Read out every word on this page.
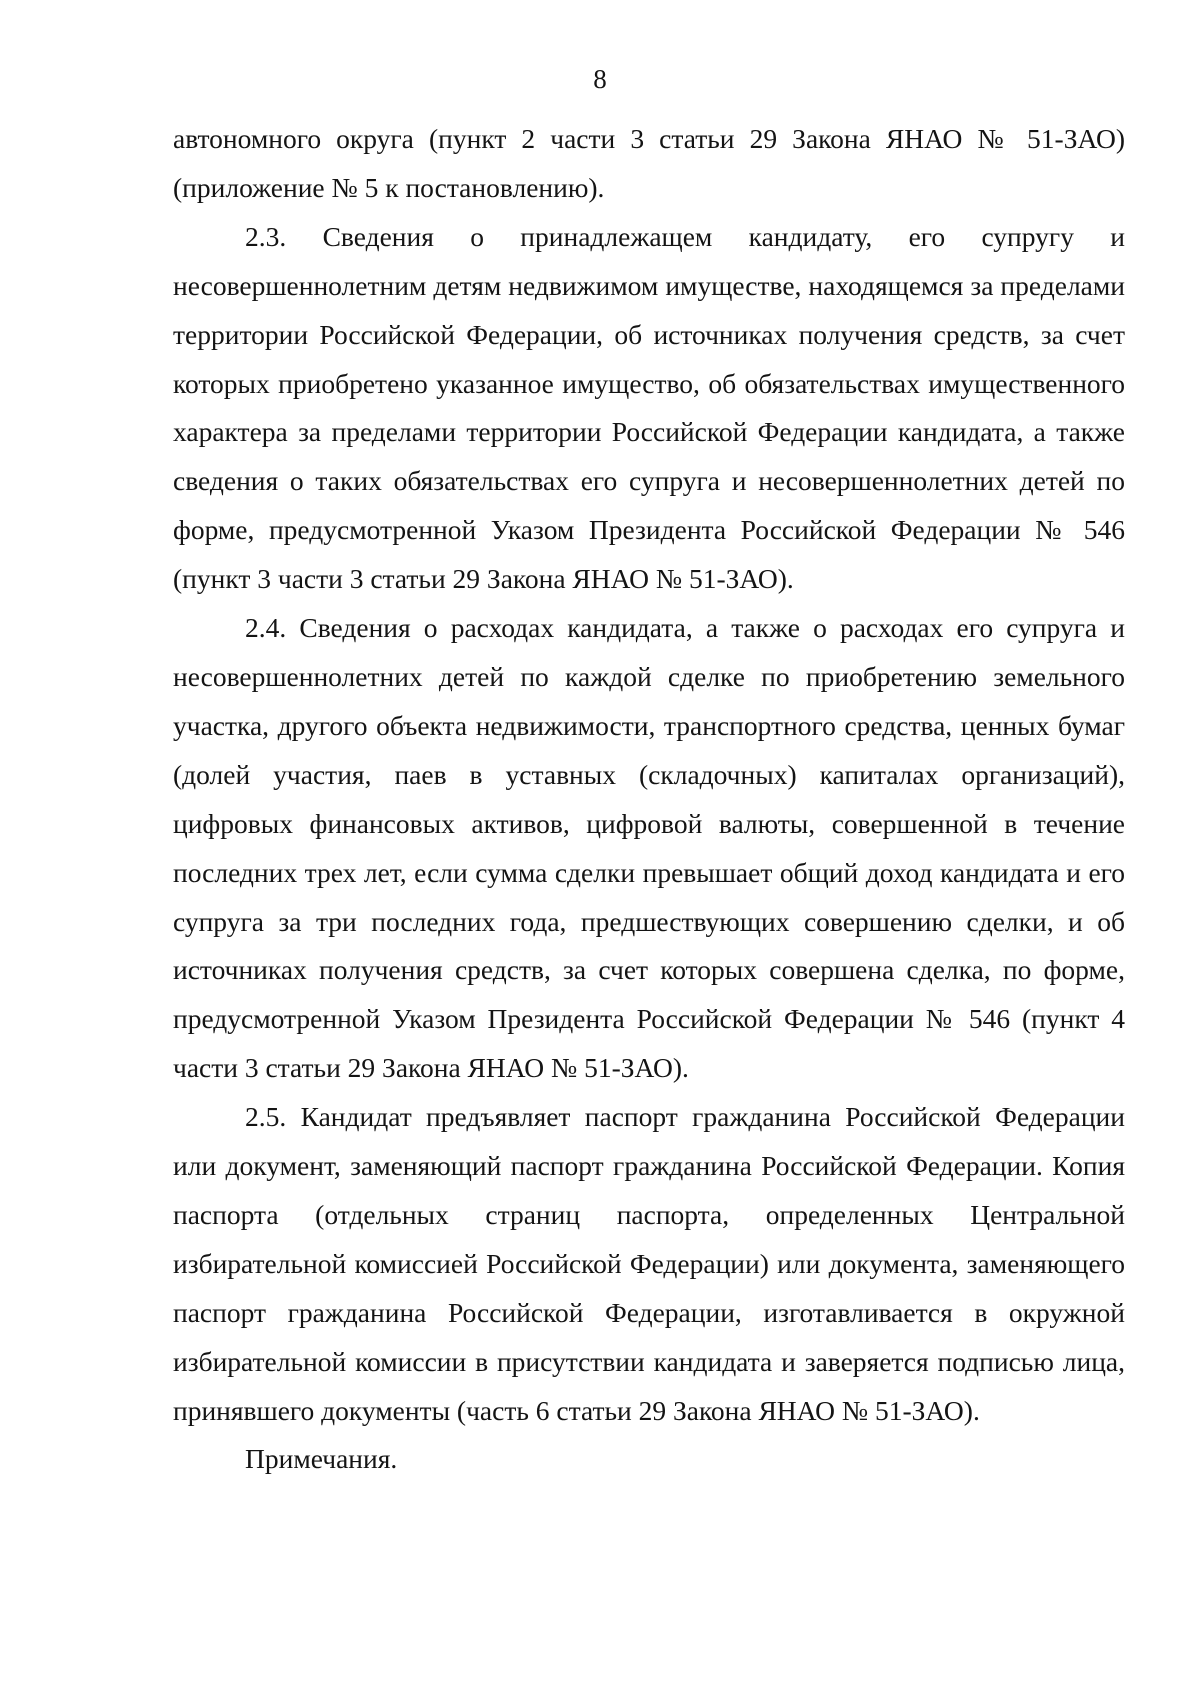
8

автономного округа (пункт 2 части 3 статьи 29 Закона ЯНАО № 51-ЗАО) (приложение № 5 к постановлению).

2.3. Сведения о принадлежащем кандидату, его супругу и несовершеннолетним детям недвижимом имуществе, находящемся за пределами территории Российской Федерации, об источниках получения средств, за счет которых приобретено указанное имущество, об обязательствах имущественного характера за пределами территории Российской Федерации кандидата, а также сведения о таких обязательствах его супруга и несовершеннолетних детей по форме, предусмотренной Указом Президента Российской Федерации № 546 (пункт 3 части 3 статьи 29 Закона ЯНАО № 51-ЗАО).

2.4. Сведения о расходах кандидата, а также о расходах его супруга и несовершеннолетних детей по каждой сделке по приобретению земельного участка, другого объекта недвижимости, транспортного средства, ценных бумаг (долей участия, паев в уставных (складочных) капиталах организаций), цифровых финансовых активов, цифровой валюты, совершенной в течение последних трех лет, если сумма сделки превышает общий доход кандидата и его супруга за три последних года, предшествующих совершению сделки, и об источниках получения средств, за счет которых совершена сделка, по форме, предусмотренной Указом Президента Российской Федерации № 546 (пункт 4 части 3 статьи 29 Закона ЯНАО № 51-ЗАО).

2.5. Кандидат предъявляет паспорт гражданина Российской Федерации или документ, заменяющий паспорт гражданина Российской Федерации. Копия паспорта (отдельных страниц паспорта, определенных Центральной избирательной комиссией Российской Федерации) или документа, заменяющего паспорт гражданина Российской Федерации, изготавливается в окружной избирательной комиссии в присутствии кандидата и заверяется подписью лица, принявшего документы (часть 6 статьи 29 Закона ЯНАО № 51-ЗАО).

Примечания.
